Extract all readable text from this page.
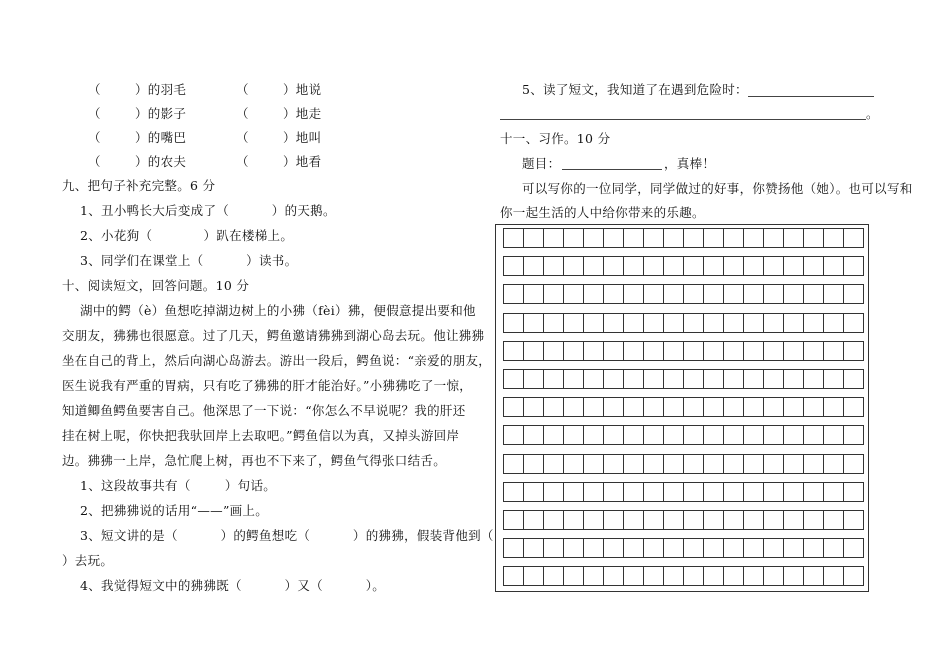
（        ）的羽毛	（        ）地说
（        ）的影子	（        ）地走
（        ）的嘴巴	（        ）地叫
（        ）的农夫	（        ）地看
九、把句子补充完整。6 分
1、丑小鸭长大后变成了（          ）的天鹅。
2、小花狗（            ）趴在楼梯上。
3、同学们在课堂上（          ）读书。
十、阅读短文，回答问题。10 分
湖中的鳄（è）鱼想吃掉湖边树上的小狒（fèi）狒，便假意提出要和他
交朋友，狒狒也很愿意。过了几天，鳄鱼邀请狒狒到湖心岛去玩。他让狒狒
坐在自己的背上，然后向湖心岛游去。游出一段后，鳄鱼说：“亲爱的朋友，
医生说我有严重的胃病，只有吃了狒狒的肝才能治好。”小狒狒吃了一惊，
知道鲫鱼鳄鱼要害自己。他深思了一下说：“你怎么不早说呢？我的肝还
挂在树上呢，你快把我驮回岸上去取吧。”鳄鱼信以为真，又掉头游回岸
边。狒狒一上岸，急忙爬上树，再也不下来了，鳄鱼气得张口结舌。
1、这段故事共有（        ）句话。
2、把狒狒说的话用“——”画上。
3、短文讲的是（          ）的鳄鱼想吃（          ）的狒狒，假装背他到（
）去玩。
4、我觉得短文中的狒狒既（          ）又（          ）。
5、读了短文，我知道了在遇到危险时：
。
十一、习作。10 分
题目：	，真棒！
可以写你的一位同学，同学做过的好事，你赞扬他（她）。也可以写和
你一起生活的人中给你带来的乐趣。
